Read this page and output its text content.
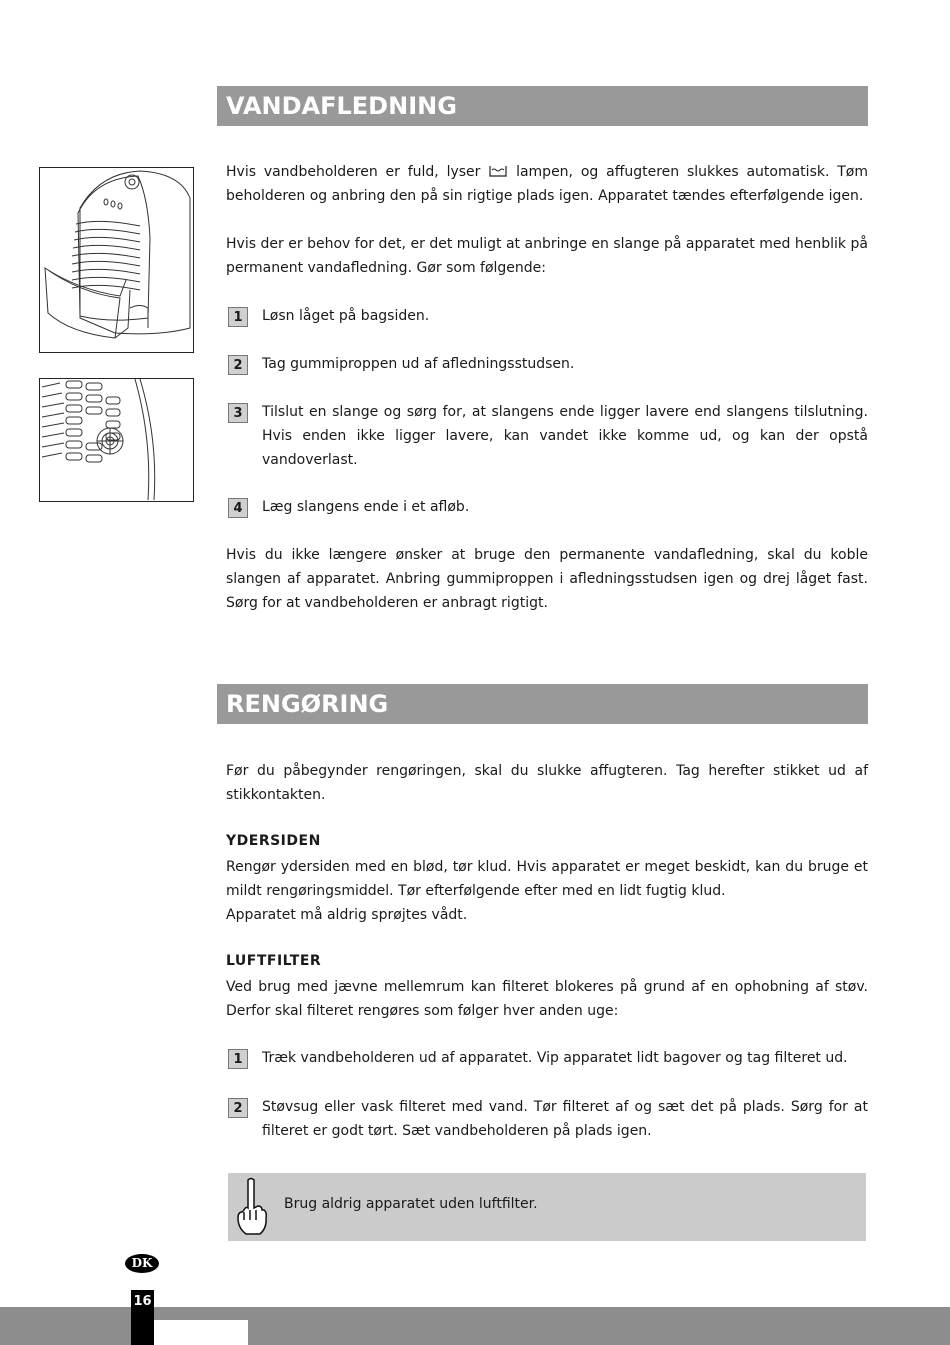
VANDAFLEDNING

Hvis vandbeholderen er fuld, lyser	lampen, og affugteren slukkes automatisk. Tøm beholderen og anbring den på sin rigtige plads igen. Apparatet tændes efterfølgende igen.

Hvis der er behov for det, er det muligt at anbringe en slange på apparatet med henblik på permanent vandafledning. Gør som følgende:

1	Løsn låget på bagsiden.
2	Tag gummiproppen ud af afledningsstudsen.
3	Tilslut en slange og sørg for, at slangens ende ligger lavere end slangens tilslutning. Hvis enden ikke ligger lavere, kan vandet ikke komme ud, og kan der opstå vandoverlast.
4	Læg slangens ende i et afløb.

Hvis du ikke længere ønsker at bruge den permanente vandafledning, skal du koble slangen af apparatet. Anbring gummiproppen i afledningsstudsen igen og drej låget fast. Sørg for at vandbeholderen er anbragt rigtigt.

RENGØRING

Før du påbegynder rengøringen, skal du slukke affugteren. Tag herefter stikket ud af stikkontakten.

YDERSIDEN

Rengør ydersiden med en blød, tør klud. Hvis apparatet er meget beskidt, kan du bruge et mildt rengøringsmiddel. Tør efterfølgende efter med en lidt fugtig klud.

Apparatet må aldrig sprøjtes vådt.

LUFTFILTER

Ved brug med jævne mellemrum kan filteret blokeres på grund af en ophobning af støv. Derfor skal filteret rengøres som følger hver anden uge:

1	Træk vandbeholderen ud af apparatet. Vip apparatet lidt bagover og tag filteret ud.
2	Støvsug eller vask filteret med vand. Tør filteret af og sæt det på plads. Sørg for at filteret er godt tørt. Sæt vandbeholderen på plads igen.
Brug aldrig apparatet uden luftfilter.
DK
16
